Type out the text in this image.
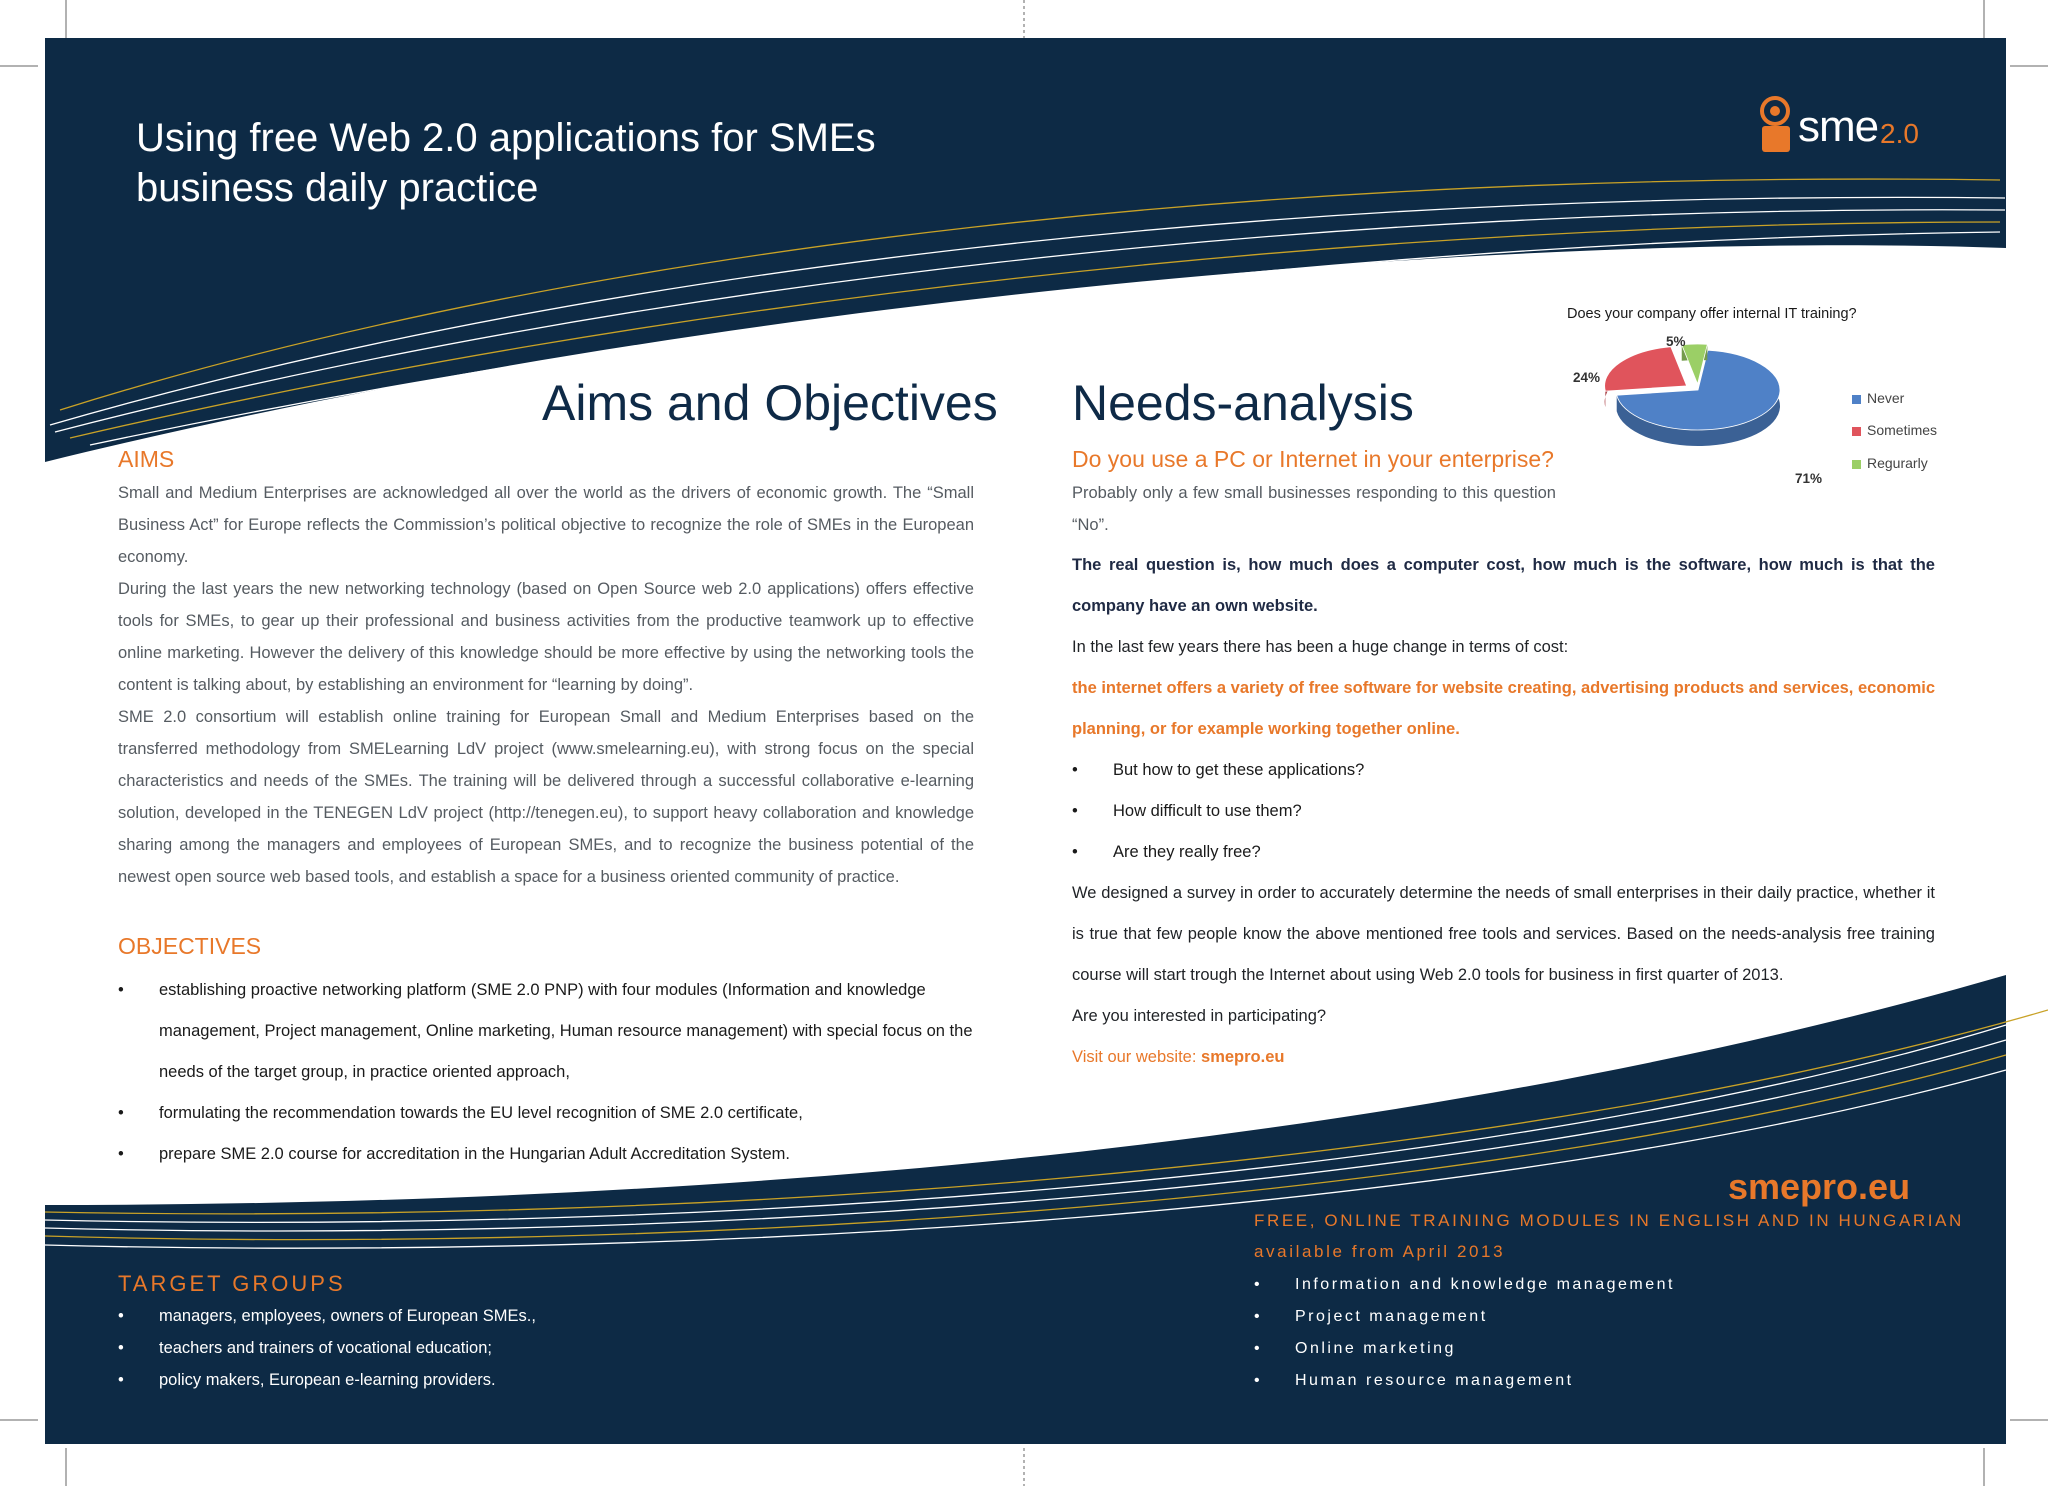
Using free Web 2.0 applications for SMEs
business daily practice
sme 2.0
Aims and Objectives
AIMS

Small and Medium Enterprises are acknowledged all over the world as the drivers of economic growth. The “Small Business Act” for Europe reflects the Commission’s political objective to recognize the role of SMEs in the European economy.

During the last years the new networking technology (based on Open Source web 2.0 applications) offers effective tools for SMEs, to gear up their professional and business activities from the productive teamwork up to effective online marketing. However the delivery of this knowledge should be more effective by using the networking tools the content is talking about, by establishing an environment for “learning by doing”.

SME 2.0 consortium will establish online training for European Small and Medium Enterprises based on the transferred methodology from SMELearning LdV project (www.smelearning.eu), with strong focus on the special characteristics and needs of the SMEs. The training will be delivered through a successful collaborative e-learning solution, developed in the TENEGEN LdV project (http://tenegen.eu), to support heavy collaboration and knowledge sharing among the managers and employees of European SMEs, and to recognize the business potential of the newest open source web based tools, and establish a space for a business oriented community of practice.

OBJECTIVES
• establishing proactive networking platform (SME 2.0 PNP) with four modules (Information and knowledge management, Project management, Online marketing, Human resource management) with special focus on the needs of the target group, in practice oriented approach,
• formulating the recommendation towards the EU level recognition of SME 2.0 certificate,
• prepare SME 2.0 course for accreditation in the Hungarian Adult Accreditation System.
Needs-analysis
Do you use a PC or Internet in your enterprise?
Probably only a few small businesses responding to this question “No”.

The real question is, how much does a computer cost, how much is the software, how much is that the company have an own website.

In the last few years there has been a huge change in terms of cost:

the internet offers a variety of free software for website creating, advertising products and services, economic planning, or for example working together online.

• But how to get these applications?
• How difficult to use them?
• Are they really free?

We designed a survey in order to accurately determine the needs of small enterprises in their daily practice, whether it is true that few people know the above mentioned free tools and services. Based on the needs-analysis free training course will start trough the Internet about using Web 2.0 tools for business in first quarter of 2013.

Are you interested in participating?

Visit our website: smepro.eu

Does your company offer internal IT training?
5%
24%
71%
Never
Sometimes
Regurarly
TARGET GROUPS
• managers, employees, owners of European SMEs.,
• teachers and trainers of vocational education;
• policy makers, European e-learning providers.
smepro.eu
FREE, ONLINE TRAINING MODULES IN ENGLISH AND IN HUNGARIAN
available from April 2013
• Information and knowledge management
• Project management
• Online marketing
• Human resource management
